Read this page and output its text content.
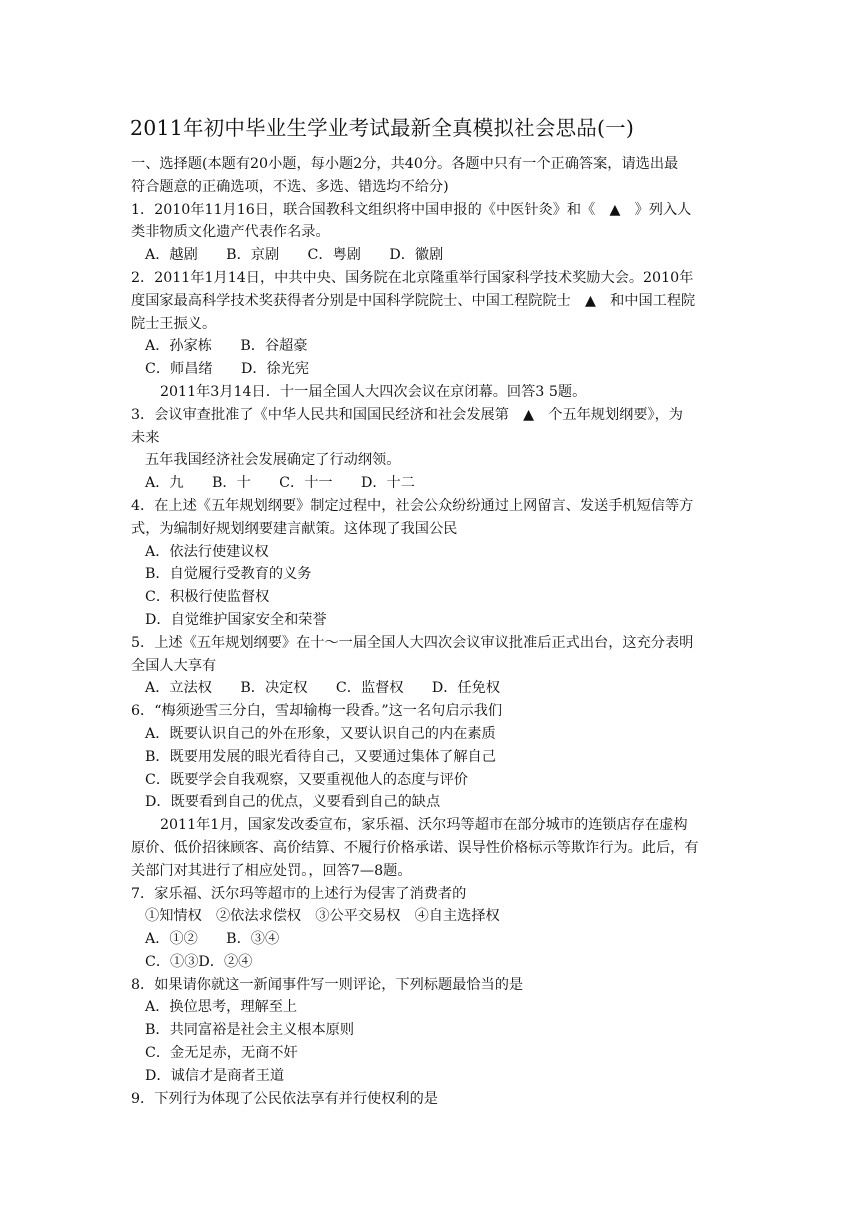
2011年初中毕业生学业考试最新全真模拟社会思品(一)
一、选择题(本题有20小题，每小题2分，共40分。各题中只有一个正确答案，请选出最
符合题意的正确选项，不选、多选、错选均不给分)
1．2010年11月16日，联合国教科文组织将中国申报的《中医针灸》和《　▲　》列入人
类非物质文化遗产代表作名录。
A．越剧　　B．京剧　　C．粤剧　　D．徽剧
2．2011年1月14日，中共中央、国务院在北京隆重举行国家科学技术奖励大会。2010年
度国家最高科学技术奖获得者分别是中国科学院院士、中国工程院院士　▲　和中国工程院
院士王振义。
A．孙家栋　　B．谷超豪
C．师昌绪　　D．徐光宪
2011年3月14日．十一届全国人大四次会议在京闭幕。回答3 5题。
3．会议审查批准了《中华人民共和国国民经济和社会发展第　▲　个五年规划纲要》，为
未来
五年我国经济社会发展确定了行动纲领。
A．九　　B．十　　C．十一　　D．十二
4．在上述《五年规划纲要》制定过程中，社会公众纷纷通过上网留言、发送手机短信等方
式，为编制好规划纲要建言献策。这体现了我国公民
A．依法行使建议权
B．自觉履行受教育的义务
C．积极行使监督权
D．自觉维护国家安全和荣誉
5．上述《五年规划纲要》在十～一届全国人大四次会议审议批准后正式出台，这充分表明
全国人大享有
A．立法权　　B．决定权　　C．监督权　　D．任免权
6．“梅须逊雪三分白，雪却输梅一段香。”这一名句启示我们
A．既要认识自己的外在形象，又要认识自己的内在素质
B．既要用发展的眼光看待自己，又要通过集体了解自己
C．既要学会自我观察，又要重视他人的态度与评价
D．既要看到自己的优点，义要看到自己的缺点
2011年1月，国家发改委宣布，家乐福、沃尔玛等超市在部分城市的连锁店存在虚构
原价、低价招徕顾客、高价结算、不履行价格承诺、误导性价格标示等欺诈行为。此后，有
关部门对其进行了相应处罚。，回答7—8题。
7．家乐福、沃尔玛等超市的上述行为侵害了消费者的
①知情权　②依法求偿权　③公平交易权　④自主选择权
A．①②　　B．③④
C．①③D．②④
8．如果请你就这一新闻事件写一则评论，下列标题最恰当的是
A．换位思考，理解至上
B．共同富裕是社会主义根本原则
C．金无足赤，无商不奸
D．诚信才是商者王道
9．下列行为体现了公民依法享有并行使权利的是
